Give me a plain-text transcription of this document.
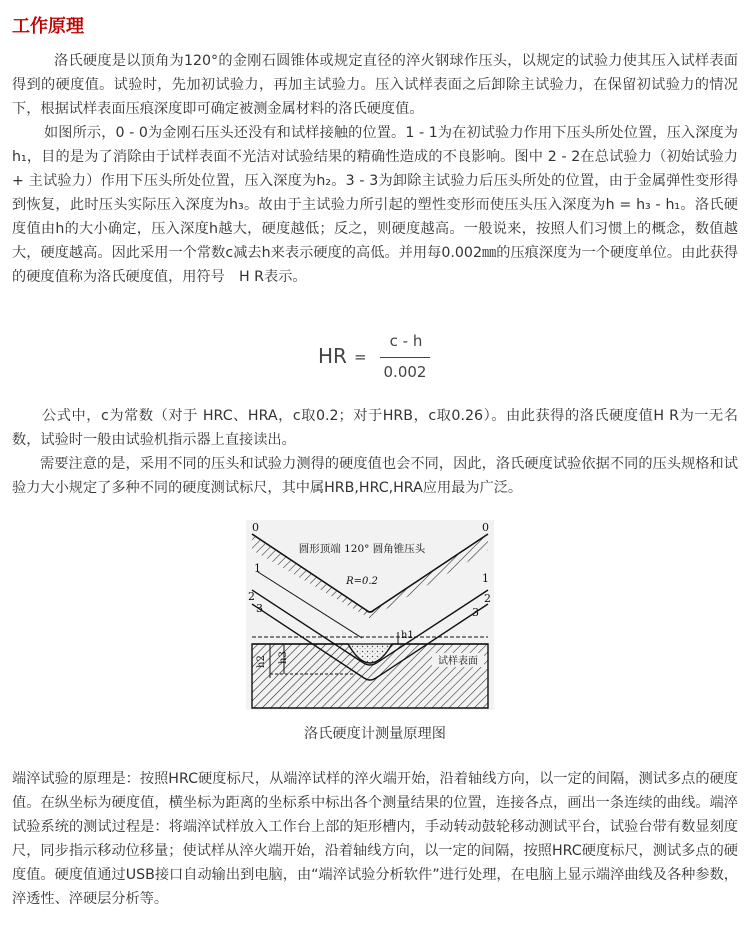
工作原理

洛氏硬度是以顶角为120°的金刚石圆锥体或规定直径的淬火钢球作压头，以规定的试验力使其压入试样表面得到的硬度值。试验时，先加初试验力，再加主试验力。压入试样表面之后卸除主试验力，在保留初试验力的情况下，根据试样表面压痕深度即可确定被测金属材料的洛氏硬度值。

如图所示，0 - 0为金刚石压头还没有和试样接触的位置。1 - 1为在初试验力作用下压头所处位置，压入深度为h₁，目的是为了消除由于试样表面不光洁对试验结果的精确性造成的不良影响。图中 2 - 2在总试验力（初始试验力 + 主试验力）作用下压头所处位置，压入深度为h₂。3 - 3为卸除主试验力后压头所处的位置，由于金属弹性变形得到恢复，此时压头实际压入深度为h₃。故由于主试验力所引起的塑性变形而使压头压入深度为h = h₃ - h₁。洛氏硬度值由h的大小确定，压入深度h越大，硬度越低；反之，则硬度越高。一般说来，按照人们习惯上的概念，数值越大，硬度越高。因此采用一个常数c减去h来表示硬度的高低。并用每0.002㎜的压痕深度为一个硬度单位。由此获得的硬度值称为洛氏硬度值，用符号　H R表示。

HR =
c - h
0.002

公式中，c为常数（对于 HRC、HRA，c取0.2；对于HRB，c取0.26）。由此获得的洛氏硬度值H R为一无名数，试验时一般由试验机指示器上直接读出。

需要注意的是，采用不同的压头和试验力测得的硬度值也会不同，因此，洛氏硬度试验依据不同的压头规格和试验力大小规定了多种不同的硬度测试标尺，其中属HRB,HRC,HRA应用最为广泛。

圆形顶端 120° 圆角锥压头
R=0.2
试样表面
0	0
1
1
2	2
3	3
h1
h2 h3
洛氏硬度计测量原理图

端淬试验的原理是：按照HRC硬度标尺，从端淬试样的淬火端开始，沿着轴线方向，以一定的间隔，测试多点的硬度值。在纵坐标为硬度值，横坐标为距离的坐标系中标出各个测量结果的位置，连接各点，画出一条连续的曲线。端淬试验系统的测试过程是：将端淬试样放入工作台上部的矩形槽内，手动转动鼓轮移动测试平台，试验台带有数显刻度尺，同步指示移动位移量；使试样从淬火端开始，沿着轴线方向，以一定的间隔，按照HRC硬度标尺，测试多点的硬度值。硬度值通过USB接口自动输出到电脑，由“端淬试验分析软件”进行处理，在电脑上显示端淬曲线及各种参数，淬透性、淬硬层分析等。
